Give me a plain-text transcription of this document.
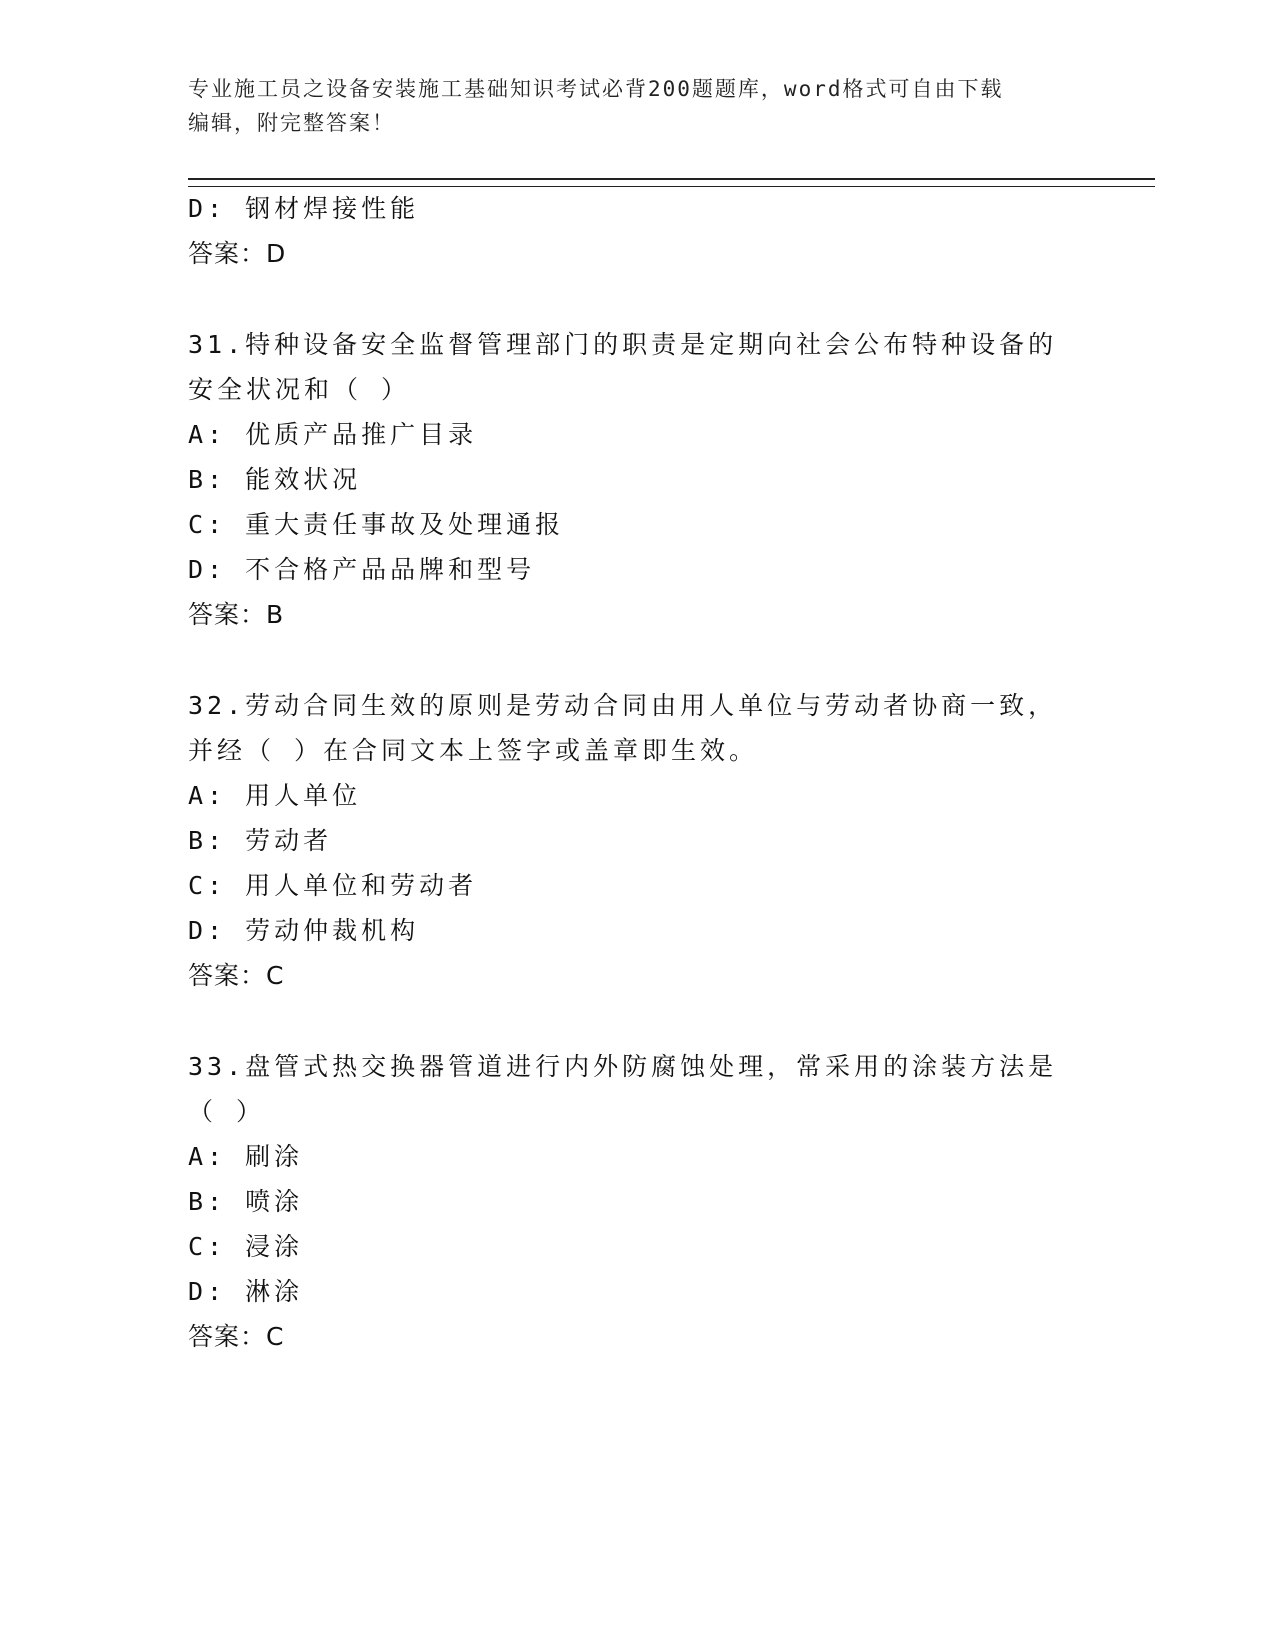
专业施工员之设备安装施工基础知识考试必背200题题库，word格式可自由下载
编辑，附完整答案！
D: 钢材焊接性能
答案：D
31.特种设备安全监督管理部门的职责是定期向社会公布特种设备的安全状况和（ ）
A: 优质产品推广目录
B: 能效状况
C: 重大责任事故及处理通报
D: 不合格产品品牌和型号
答案：B
32.劳动合同生效的原则是劳动合同由用人单位与劳动者协商一致，并经（ ）在合同文本上签字或盖章即生效。
A: 用人单位
B: 劳动者
C: 用人单位和劳动者
D: 劳动仲裁机构
答案：C
33.盘管式热交换器管道进行内外防腐蚀处理，常采用的涂装方法是（ ）
A: 刷涂
B: 喷涂
C: 浸涂
D: 淋涂
答案：C
